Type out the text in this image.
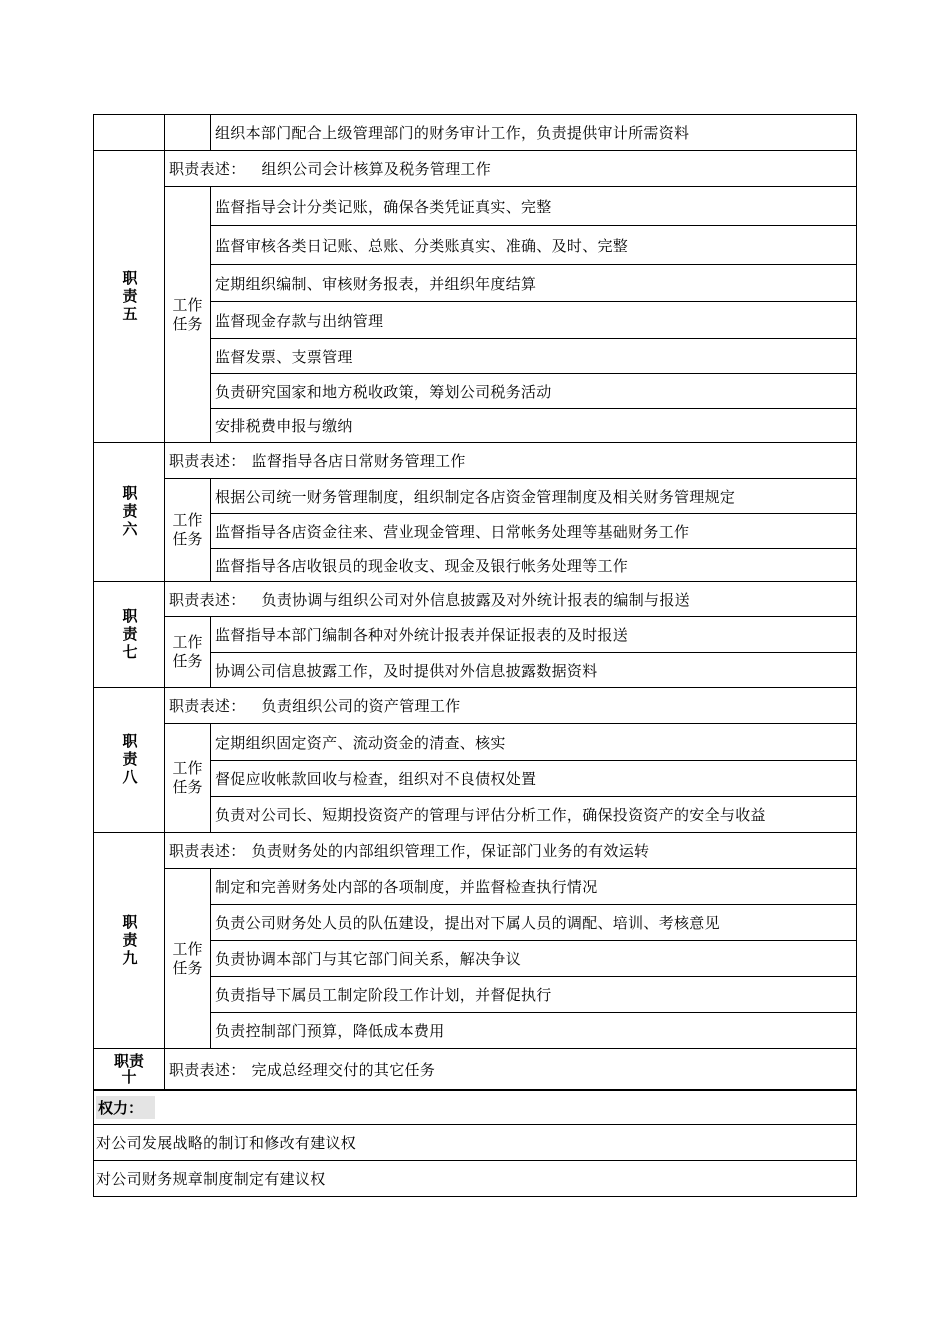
组织本部门配合上级管理部门的财务审计工作，负责提供审计所需资料
职责五
职责表述： 组织公司会计核算及税务管理工作
工作
任务
监督指导会计分类记账，确保各类凭证真实、完整
监督审核各类日记账、总账、分类账真实、准确、及时、完整
定期组织编制、审核财务报表，并组织年度结算
监督现金存款与出纳管理
监督发票、支票管理
负责研究国家和地方税收政策，筹划公司税务活动
安排税费申报与缴纳
职责六
职责表述： 监督指导各店日常财务管理工作
工作
任务
根据公司统一财务管理制度，组织制定各店资金管理制度及相关财务管理规定
监督指导各店资金往来、营业现金管理、日常帐务处理等基础财务工作
监督指导各店收银员的现金收支、现金及银行帐务处理等工作
职责七
职责表述： 负责协调与组织公司对外信息披露及对外统计报表的编制与报送
工作
任务
监督指导本部门编制各种对外统计报表并保证报表的及时报送
协调公司信息披露工作，及时提供对外信息披露数据资料
职责八
职责表述： 负责组织公司的资产管理工作
工作
任务
定期组织固定资产、流动资金的清查、核实
督促应收帐款回收与检查，组织对不良债权处置
负责对公司长、短期投资资产的管理与评估分析工作，确保投资资产的安全与收益
职责九
职责表述： 负责财务处的内部组织管理工作，保证部门业务的有效运转
工作
任务
制定和完善财务处内部的各项制度，并监督检查执行情况
负责公司财务处人员的队伍建设，提出对下属人员的调配、培训、考核意见
负责协调本部门与其它部门间关系，解决争议
负责指导下属员工制定阶段工作计划，并督促执行
负责控制部门预算，降低成本费用
职责
十	职责表述： 完成总经理交付的其它任务
权力：
对公司发展战略的制订和修改有建议权
对公司财务规章制度制定有建议权
